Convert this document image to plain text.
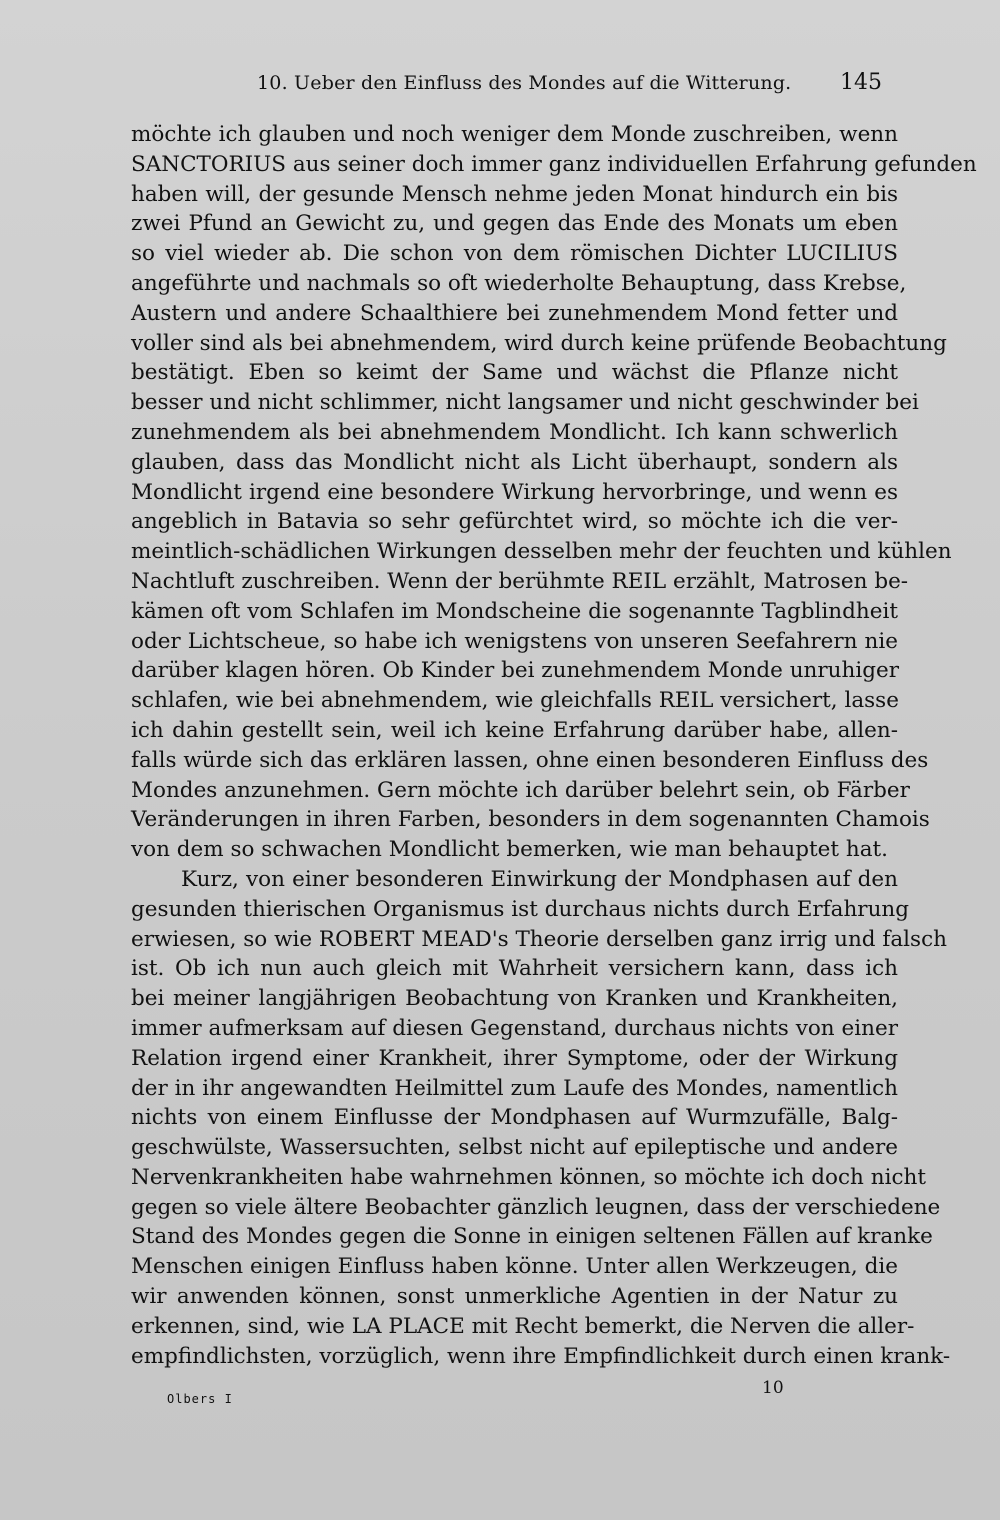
10. Ueber den Einfluss des Mondes auf die Witterung. 145
möchte ich glauben und noch weniger dem Monde zuschreiben, wenn
SANCTORIUS aus seiner doch immer ganz individuellen Erfahrung gefunden
haben will, der gesunde Mensch nehme jeden Monat hindurch ein bis
zwei Pfund an Gewicht zu, und gegen das Ende des Monats um eben
so viel wieder ab. Die schon von dem römischen Dichter LUCILIUS
angeführte und nachmals so oft wiederholte Behauptung, dass Krebse,
Austern und andere Schaalthiere bei zunehmendem Mond fetter und
voller sind als bei abnehmendem, wird durch keine prüfende Beobachtung
bestätigt. Eben so keimt der Same und wächst die Pflanze nicht
besser und nicht schlimmer, nicht langsamer und nicht geschwinder bei
zunehmendem als bei abnehmendem Mondlicht. Ich kann schwerlich
glauben, dass das Mondlicht nicht als Licht überhaupt, sondern als
Mondlicht irgend eine besondere Wirkung hervorbringe, und wenn es
angeblich in Batavia so sehr gefürchtet wird, so möchte ich die ver-
meintlich-schädlichen Wirkungen desselben mehr der feuchten und kühlen
Nachtluft zuschreiben. Wenn der berühmte REIL erzählt, Matrosen be-
kämen oft vom Schlafen im Mondscheine die sogenannte Tagblindheit
oder Lichtscheue, so habe ich wenigstens von unseren Seefahrern nie
darüber klagen hören. Ob Kinder bei zunehmendem Monde unruhiger
schlafen, wie bei abnehmendem, wie gleichfalls REIL versichert, lasse
ich dahin gestellt sein, weil ich keine Erfahrung darüber habe, allen-
falls würde sich das erklären lassen, ohne einen besonderen Einfluss des
Mondes anzunehmen. Gern möchte ich darüber belehrt sein, ob Färber
Veränderungen in ihren Farben, besonders in dem sogenannten Chamois
von dem so schwachen Mondlicht bemerken, wie man behauptet hat.
Kurz, von einer besonderen Einwirkung der Mondphasen auf den
gesunden thierischen Organismus ist durchaus nichts durch Erfahrung
erwiesen, so wie ROBERT MEAD's Theorie derselben ganz irrig und falsch
ist. Ob ich nun auch gleich mit Wahrheit versichern kann, dass ich
bei meiner langjährigen Beobachtung von Kranken und Krankheiten,
immer aufmerksam auf diesen Gegenstand, durchaus nichts von einer
Relation irgend einer Krankheit, ihrer Symptome, oder der Wirkung
der in ihr angewandten Heilmittel zum Laufe des Mondes, namentlich
nichts von einem Einflusse der Mondphasen auf Wurmzufälle, Balg-
geschwülste, Wassersuchten, selbst nicht auf epileptische und andere
Nervenkrankheiten habe wahrnehmen können, so möchte ich doch nicht
gegen so viele ältere Beobachter gänzlich leugnen, dass der verschiedene
Stand des Mondes gegen die Sonne in einigen seltenen Fällen auf kranke
Menschen einigen Einfluss haben könne. Unter allen Werkzeugen, die
wir anwenden können, sonst unmerkliche Agentien in der Natur zu
erkennen, sind, wie LA PLACE mit Recht bemerkt, die Nerven die aller-
empfindlichsten, vorzüglich, wenn ihre Empfindlichkeit durch einen krank-
Olbers I
10
